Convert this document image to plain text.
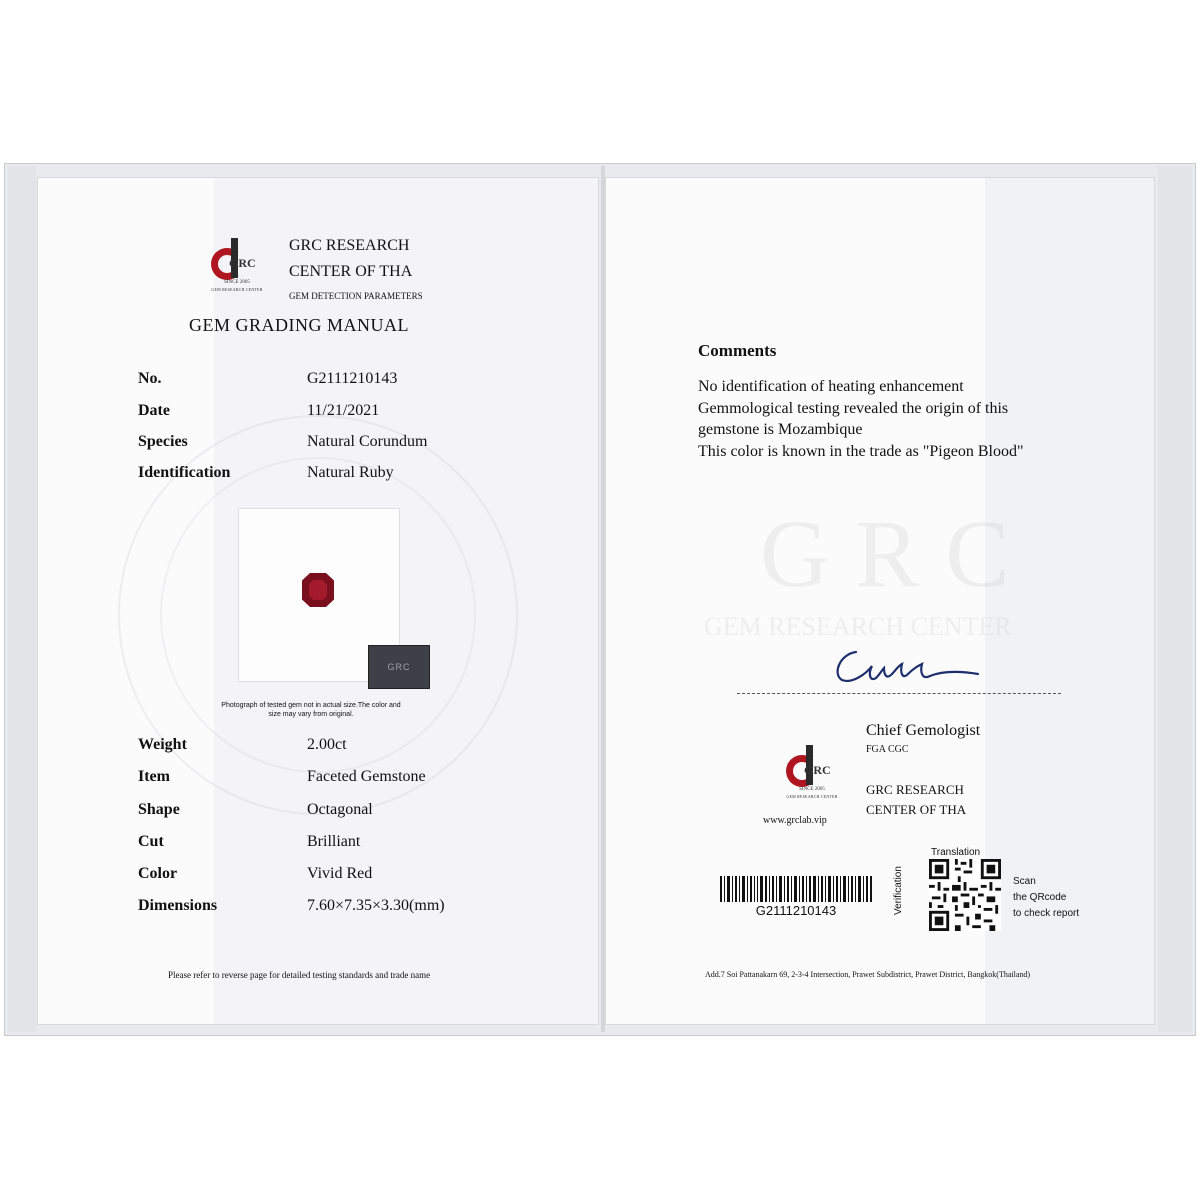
GRC
SINCE 2005
GEM RESEARCH CENTER
GRC RESEARCH
CENTER OF THA
GEM DETECTION PARAMETERS
GEM GRADING MANUAL
No.	G2111210143
Date	11/21/2021
Species	Natural Corundum
Identification	Natural Ruby
GRC
Photograph of tested gem not in actual size.The color and size may vary from original.
Weight	2.00ct
Item	Faceted Gemstone
Shape	Octagonal
Cut	Brilliant
Color	Vivid Red
Dimensions	7.60×7.35×3.30(mm)
Please refer to reverse page for detailed testing standards and trade name
GRC
GEM RESEARCH CENTER
Comments
No identification of heating enhancement
Gemmological testing revealed the origin of this
gemstone is Mozambique
This color is known in the trade as "Pigeon Blood"
Chief Gemologist
FGA CGC
GRC
SINCE 2005
GEM RESEARCH CENTER	GRC RESEARCH
CENTER OF THA
www.grclab.vip
G2111210143
Translation
Verification	Scan
the QRcode
to check report
Add.7 Soi Pattanakarn 69, 2-3-4 Intersection, Prawet Subdistrict, Prawet District, Bangkok(Thailand)
